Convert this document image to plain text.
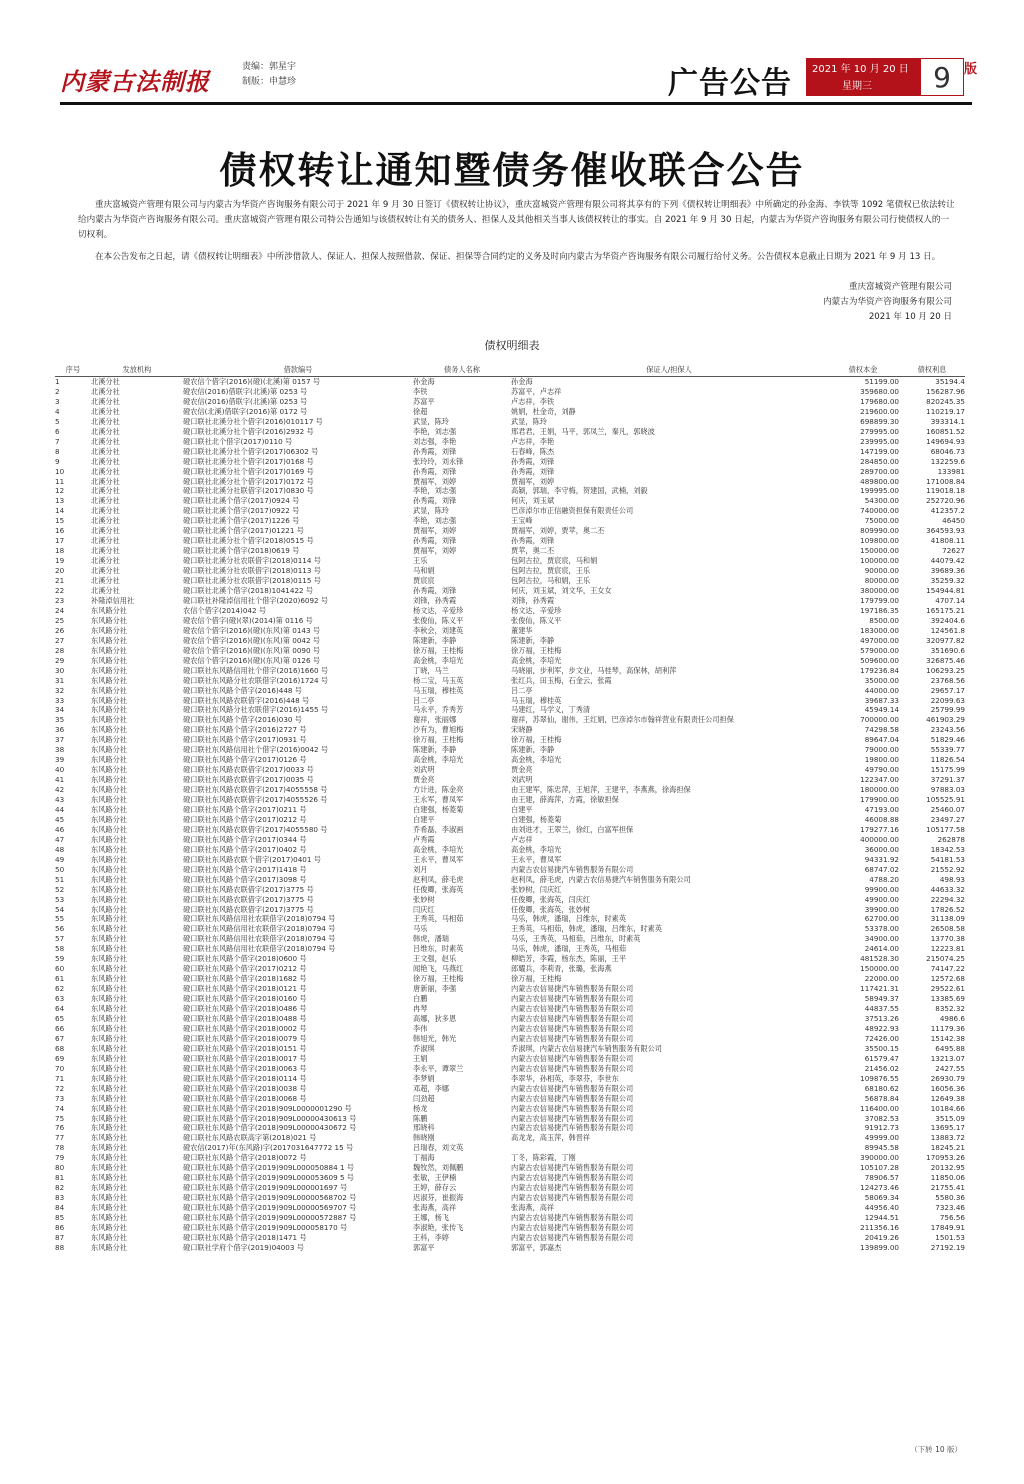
内蒙古法制报	责编：郭星宇
制版：申慧珍	广告公告 2021 年 10 月 20 日
星期三	9	版
债权转让通知暨债务催收联合公告
重庆富城资产管理有限公司与内蒙古为华资产咨询服务有限公司于 2021 年 9 月 30 日签订《债权转让协议》，重庆富城资产管理有限公司将其享有的下列《债权转让明细表》中所确定的孙金海、李铁等 1092 笔债权已依法转让给内蒙古为华资产咨询服务有限公司。重庆富城资产管理有限公司特公告通知与该债权转让有关的债务人、担保人及其他相关当事人该债权转让的事实。自 2021 年 9 月 30 日起，内蒙古为华资产咨询服务有限公司行使债权人的一切权利。
在本公告发布之日起，请《债权转让明细表》中所涉借款人、保证人、担保人按照借款、保证、担保等合同约定的义务及时向内蒙古为华资产咨询服务有限公司履行给付义务。公告债权本息截止日期为 2021 年 9 月 13 日。
重庆富城资产管理有限公司
内蒙古为华资产咨询服务有限公司
2021 年 10 月 20 日
债权明细表
序号	发放机构	借款编号	债务人名称	保证人/担保人	债权本金	债权利息
1	北溪分社	磴农信个借字(2016)(磴)(北溪)第 0157 号	孙金海	孙金海	51199.00	35194.4
2	北溪分社	磴农信(2016)借联字(北溪)第 0253 号	李铁	苏富平，卢志祥	359680.00	156287.96
3	北溪分社	磴农信(2016)借联字(北溪)第 0253 号	苏富平	卢志祥，李铁	179680.00	820245.35
4	北溪分社	磴农信(北溪)借联字(2016)第 0172 号	徐超	姚娟，杜金奇，刘静	219600.00	110219.17
5	北溪分社	磴口联社北溪分社个借字(2016)010117 号	武显，陈玲	武显，陈玲	698899.30	393314.1
6	北溪分社	磴口联社北溪分社个借字(2016)2932 号	李艳，刘志强	邢君君，王娟，马平，郭凤兰，秦凡，郭晓波	279995.00	160851.52
7	北溪分社	磴口联社北个借字(2017)0110 号	刘志强，李艳	卢志祥，李艳	239995.00	149694.93
8	北溪分社	磴口联社北溪分社个借字(2017)06302 号	孙秀霞，刘锋	石春峰，陈杰	147199.00	68046.73
9	北溪分社	磴口联社北溪分社个借字(2017)0168 号	张玲玲，刘永锋	孙秀霞，刘锋	284850.00	132259.6
10	北溪分社	磴口联社北溪分社个借字(2017)0169 号	孙秀霞，刘锋	孙秀霞，刘锋	289700.00	133981
11	北溪分社	磴口联社北溪分社个借字(2017)0172 号	贾福军，刘婷	贾福军，刘婷	489800.00	171008.84
12	北溪分社	磴口联社北溪分社联借字(2017)0830 号	李艳，刘志强	高颖，郭瑞，李守梅，贺建国，武楠，刘毅	199995.00	119018.18
13	北溪分社	磴口联社北溪个借字(2017)0924 号	孙秀霞，刘锋	何庆，刘玉斌	54300.00	252720.96
14	北溪分社	磴口联社北溪个借字(2017)0922 号	武显，陈玲	巴彦淖尔市正信融资担保有限责任公司	740000.00	412357.2
15	北溪分社	磴口联社北溪个借字(2017)1226 号	李艳，刘志强	王宝峰	75000.00	46450
16	北溪分社	磴口联社北溪个借字(2017)01221 号	贾福军，刘婷	贾福军，刘婷，贾苹，奥二丕	809990.00	364593.93
17	北溪分社	磴口联社北溪分社个借字(2018)0515 号	孙秀霞，刘锋	孙秀霞，刘锋	109800.00	41808.11
18	北溪分社	磴口联社北溪个借字(2018)0619 号	贾福军，刘婷	贾苹，奥二丕	150000.00	72627
19	北溪分社	磴口联社北溪分社农联借字(2018)0114 号	王乐	包阿古拉，贾宸宸，马和娟	100000.00	44079.42
20	北溪分社	磴口联社北溪分社农联借字(2018)0113 号	马和娟	包阿古拉，贾宸宸，王乐	90000.00	39689.36
21	北溪分社	磴口联社北溪分社农联借字(2018)0115 号	贾宸宸	包阿古拉，马和娟，王乐	80000.00	35259.32
22	北溪分社	磴口联社北溪个借字(2018)1041422 号	孙秀霞，刘锋	何庆，刘玉斌，刘文华，王女女	380000.00	154944.81
23	补隆淖信用社	磴口联社补隆淖信用社个借字(2020)6092 号	刘锋，孙秀霞	刘锋，孙秀霞	179799.00	4707.14
24	东风路分社	农信个借字(2014)042 号	杨文达，辛爱珍	杨文达，辛爱珍	197186.35	165175.21
25	东风路分社	磴农信个借字(磴)(翠)(2014)第 0116 号	张俊仙，陈义平	张俊仙，陈义平	8500.00	392404.6
26	东风路分社	磴农信个借字(2016)(磴)(东风)第 0143 号	李秋会，刘建英	董建华	183000.00	124561.8
27	东风路分社	磴农信个借字(2016)(磴)(东风)第 0042 号	陈建新，李静	陈建新，李静	497000.00	320977.82
28	东风路分社	磴农信个借字(2016)(磴)(东风)第 0090 号	徐万福，王桂梅	徐万福，王桂梅	579000.00	351690.6
29	东风路分社	磴农信个借字(2016)(磴)(东风)第 0126 号	高金桃，李培光	高金桃，李培光	509600.00	326875.46
30	东风路分社	磴口联社东风路信用社个借字(2016)1660 号	丁晓，马兰	马晓丽，步利军，步文业，马桂琴，高保林，胡利萍	179236.84	106293.25
31	东风路分社	磴口联社东风路分社农联借字(2016)1724 号	杨二宝，马玉英	张红兵，田玉梅，石金云，张霞	35000.00	23768.56
32	东风路分社	磴口联社东风路个借字(2016)448 号	马玉瑞，穆桂英	吕二亭	44000.00	29657.17
33	东风路分社	磴口联社东风路农联借字(2016)448 号	吕二亭	马玉瑞，穆桂英	39687.33	22099.63
34	东风路分社	磴口联社东风路分社农联借字(2016)1455 号	马永平，乔秀芳	马建红，马学义，丁秀清	45949.14	25799.99
35	东风路分社	磴口联社东风路个借字(2016)030 号	谢祥，张丽娜	谢祥，苏翠仙，谢伟，王红娟，巴彦淖尔市翰祥营业有限责任公司担保	700000.00	461903.29
36	东风路分社	磴口联社东风路个借字(2016)2727 号	沙有为，曹旭梅	宋晓静	74298.58	23243.56
37	东风路分社	磴口联社东风路个借字(2017)0931 号	徐万福，王桂梅	徐万福，王桂梅	89647.04	51829.46
38	东风路分社	磴口联社东风路信用社个借字(2016)0042 号	陈建新，李静	陈建新，李静	79000.00	55339.77
39	东风路分社	磴口联社东风路个借字(2017)0126 号	高金桃，李培光	高金桃，李培光	19800.00	11826.54
40	东风路分社	磴口联社东风路农联借字(2017)0033 号	刘武明	贾金亮	49790.00	15175.99
41	东风路分社	磴口联社东风路农联借字(2017)0035 号	贾金亮	刘武明	122347.00	37291.37
42	东风路分社	磴口联社东风路农联借字(2017)4055558 号	方计进，陈金亮	由王建军，陈忠萍，王旭萍，王建平，李燕燕，徐海担保	180000.00	97883.03
43	东风路分社	磴口联社东风路农联借字(2017)4055526 号	王永军，曹凤军	由王建，薛海萍，方霞，徐敏担保	179900.00	105525.91
44	东风路分社	磴口联社东风路个借字(2017)0211 号	白建强，杨菱菊	白建平	47193.00	25460.07
45	东风路分社	磴口联社东风路个借字(2017)0212 号	白建平	白建强，杨菱菊	46008.88	23497.27
46	东风路分社	磴口联社东风路农联借字(2017)4055580 号	乔希磊，李淑画	由刘进才，王翠兰，徐红，白富军担保	179277.16	105177.58
47	东风路分社	磴口联社东风路个借字(2017)0344 号	卢秀霞	卢志祥	400000.00	262878
48	东风路分社	磴口联社东风路个借字(2017)0402 号	高金桃，李培光	高金桃，李培光	36000.00	18342.53
49	东风路分社	磴口联社东风路农联个借字(2017)0401 号	王永平，曹凤军	王永平，曹凤军	94331.92	54181.53
50	东风路分社	磴口联社东风路个借字(2017)1418 号	刘月	内蒙古农信易捷汽车销售服务有限公司	68747.02	21552.92
51	东风路分社	磴口联社东风路个借字(2017)3098 号	赵利凤，薛毛虎	赵利凤，薛毛虎，内蒙古农信易捷汽车销售服务有限公司	4788.20	498.93
52	东风路分社	磴口联社东风路农联借字(2017)3775 号	任俊卿，张海英	张妙树，闫庆红	99900.00	44633.32
53	东风路分社	磴口联社东风路农联借字(2017)3775 号	张妙树	任俊卿，张海英，闫庆红	49900.00	22294.32
54	东风路分社	磴口联社东风路农联借字(2017)3775 号	闫庆红	任俊卿，张海英，张妙树	39900.00	17826.52
55	东风路分社	磴口联社东风路信用社农联借字(2018)0794 号	王秀英，马相茹	马乐，韩虎，潘瑞，吕维东，时素英	62700.00	31138.09
56	东风路分社	磴口联社东风路信用社农联借字(2018)0794 号	马乐	王秀英，马相茹，韩虎，潘瑞，吕维东，时素英	53378.00	26508.58
57	东风路分社	磴口联社东风路信用社农联借字(2018)0794 号	韩虎，潘瑞	马乐，王秀英，马相茹，吕维东，时素英	34900.00	13770.38
58	东风路分社	磴口联社东风路信用社农联借字(2018)0794 号	吕维东，时素英	马乐，韩虎，潘瑞，王秀英，马相茹	24614.00	12223.81
59	东风路分社	磴口联社东风路个借字(2018)0600 号	王文强，赵乐	柳皓芳，李霞，杨东杰，陈丽，王平	481528.30	215074.25
60	东风路分社	磴口联社东风路个借字(2017)0212 号	闻艳飞，马燕红	郎耀兵，李莉青，张璐，张海燕	150000.00	74147.22
61	东风路分社	磴口联社东风路个借字(2018)1682 号	徐万福，王桂梅	徐万福，王桂梅	22000.00	12572.68
62	东风路分社	磴口联社东风路个借字(2018)0121 号	唐新丽，李强	内蒙古农信易捷汽车销售服务有限公司	117421.31	29522.61
63	东风路分社	磴口联社东风路个借字(2018)0160 号	白鹏	内蒙古农信易捷汽车销售服务有限公司	58949.37	13385.69
64	东风路分社	磴口联社东风路个借字(2018)0486 号	冉琴	内蒙古农信易捷汽车销售服务有限公司	44837.55	8352.32
65	东风路分社	磴口联社东风路个借字(2018)0488 号	高娜，狄多恩	内蒙古农信易捷汽车销售服务有限公司	37513.26	4986.6
66	东风路分社	磴口联社东风路个借字(2018)0002 号	李伟	内蒙古农信易捷汽车销售服务有限公司	48922.93	11179.36
67	东风路分社	磴口联社东风路个借字(2018)0079 号	韩旭光，韩光	内蒙古农信易捷汽车销售服务有限公司	72426.00	15142.38
68	东风路分社	磴口联社东风路个借字(2018)0151 号	乔淑琪	乔淑琪，内蒙古农信易捷汽车销售服务有限公司	35500.15	6495.88
69	东风路分社	磴口联社东风路个借字(2018)0017 号	王娟	内蒙古农信易捷汽车销售服务有限公司	61579.47	13213.07
70	东风路分社	磴口联社东风路个借字(2018)0063 号	李永平，谭翠兰	内蒙古农信易捷汽车销售服务有限公司	21456.02	2427.55
71	东风路分社	磴口联社东风路个借字(2018)0114 号	李梦娟	李翠华，孙相英，李翠芬，李世东	109876.55	26930.79
72	东风路分社	磴口联社东风路个借字(2018)0038 号	邓超，李娜	内蒙古农信易捷汽车销售服务有限公司	68180.62	16056.36
73	东风路分社	磴口联社东风路个借字(2018)0068 号	闫劲超	内蒙古农信易捷汽车销售服务有限公司	56878.84	12649.38
74	东风路分社	磴口联社东风路个借字(2018)909L0000001290 号	杨龙	内蒙古农信易捷汽车销售服务有限公司	116400.00	10184.66
75	东风路分社	磴口联社东风路个借字(2018)909L00000430613 号	陈鹏	内蒙古农信易捷汽车销售服务有限公司	37082.53	3515.09
76	东风路分社	磴口联社东风路个借字(2018)909L00000430672 号	邢晓科	内蒙古农信易捷汽车销售服务有限公司	91912.73	13695.17
77	东风路分社	磴口联社东风路农联高字第(2018)021 号	韩晓刚	高龙龙，高玉萍，韩晋祥	49999.00	13883.72
78	东风路分社	磴农信(2017)年(东风路)字(2017031647772 15 号	吕瑞春，刘文英		89945.58	18245.21
79	东风路分社	磴口联社东风路个借字(2018)0072 号	丁福海	丁冬，陈彩霞，丁刚	390000.00	170953.26
80	东风路分社	磴口联社东风路个借字(2019)909L000050884 1 号	魏牧然，刘佩鹏	内蒙古农信易捷汽车销售服务有限公司	105107.28	20132.95
81	东风路分社	磴口联社东风路个借字(2019)909L000053609 5 号	张敏，王伊楠	内蒙古农信易捷汽车销售服务有限公司	78906.57	11850.06
82	东风路分社	磴口联社东风路个借字(2019)909L000001697 号	王婷，薛存云	内蒙古农信易捷汽车销售服务有限公司	124273.46	21755.41
83	东风路分社	磴口联社东风路个借字(2019)909L00000568702 号	迟淑芬，崔振海	内蒙古农信易捷汽车销售服务有限公司	58069.34	5580.36
84	东风路分社	磴口联社东风路个借字(2019)909L00000569707 号	张海燕，高祥	张海燕，高祥	44956.40	7323.46
85	东风路分社	磴口联社东风路个借字(2019)909L00000572887 号	王娜，杨飞	内蒙古农信易捷汽车销售服务有限公司	12944.51	756.56
86	东风路分社	磴口联社东风路个借字(2019)909L000058170 号	李淑艳，张传飞	内蒙古农信易捷汽车销售服务有限公司	211356.16	17849.91
87	东风路分社	磴口联社东风路个借字(2018)1471 号	王科，李婷	内蒙古农信易捷汽车销售服务有限公司	20419.26	1501.53
88	东风路分社	磴口联社学府个借字(2019)04003 号	郭富平	郭富平，郭嘉杰	139899.00	27192.19
（下转 10 版）
